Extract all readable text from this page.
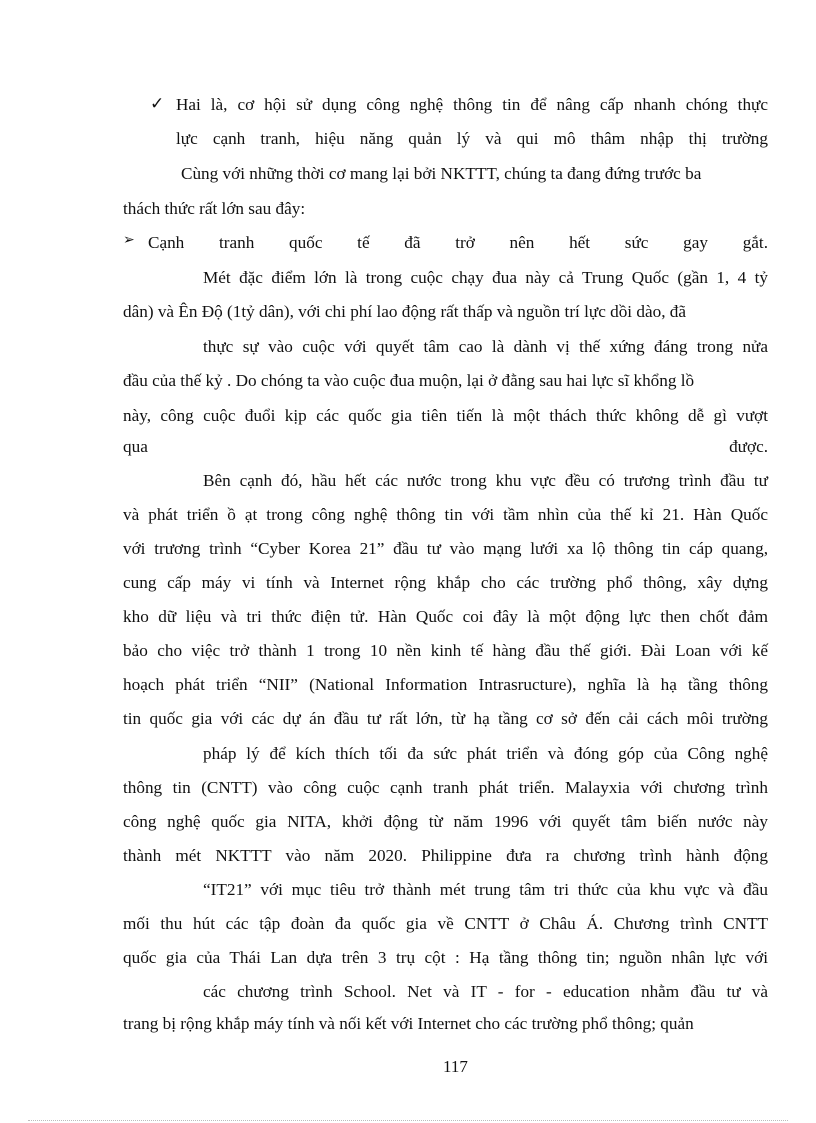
✓
➢
Hai là, cơ hội sử dụng công nghệ thông tin để nâng cấp nhanh chóng thực
lực cạnh tranh, hiệu năng quản lý và qui mô thâm nhập thị trường
Cùng với những thời cơ mang lại bởi NKTTT, chúng ta đang đứng trước ba
thách thức rất lớn sau đây:
Cạnh tranh quốc tế đã trở nên hết sức gay gắt.
Mét đặc điểm lớn là trong cuộc chạy đua này cả Trung Quốc (gần 1, 4 tỷ
dân) và Ên Độ (1tỷ dân), với chi phí lao động rất thấp và nguồn trí lực dồi dào, đã
thực sự vào cuộc với quyết tâm cao là dành vị thế xứng đáng trong nửa
đầu của thế kỷ . Do chóng ta vào cuộc đua muộn, lại ở đằng sau hai lực sĩ khổng lồ
này, công cuộc đuổi kịp các quốc gia tiên tiến là một thách thức không dễ gì vượt
qua được.
Bên cạnh đó, hầu hết các nước trong khu vực đều có trương trình đầu tư
và phát triển ồ ạt trong công nghệ thông tin với tầm nhìn của thế kỉ 21. Hàn Quốc
với trương trình “Cyber Korea 21” đầu tư vào mạng lưới xa lộ thông tin cáp quang,
cung cấp máy vi tính và Internet rộng khắp cho các trường phổ thông, xây dựng
kho dữ liệu và tri thức điện tử. Hàn Quốc coi đây là một động lực then chốt đảm
bảo cho việc trở thành 1 trong 10 nền kinh tế hàng đầu thế giới. Đài Loan với kế
hoạch phát triển “NII” (National Information Intrasructure), nghĩa là hạ tầng thông
tin quốc gia với các dự án đầu tư rất lớn, từ hạ tầng cơ sở đến cải cách môi trường
pháp lý để kích thích tối đa sức phát triển và đóng góp của Công nghệ
thông tin (CNTT) vào công cuộc cạnh tranh phát triển. Malayxia với chương trình
công nghệ quốc gia NITA, khởi động từ năm 1996 với quyết tâm biến nước này
thành mét NKTTT vào năm 2020. Philippine đưa ra chương trình hành động
“IT21” với mục tiêu trở thành mét trung tâm tri thức của khu vực và đầu
mối thu hút các tập đoàn đa quốc gia về CNTT ở Châu Á. Chương trình CNTT
quốc gia của Thái Lan dựa trên 3 trụ cột : Hạ tầng thông tin; nguồn nhân lực với
các chương trình School. Net và IT - for - education nhằm đầu tư và
trang bị rộng khắp máy tính và nối kết với Internet cho các trường phổ thông; quản
117
